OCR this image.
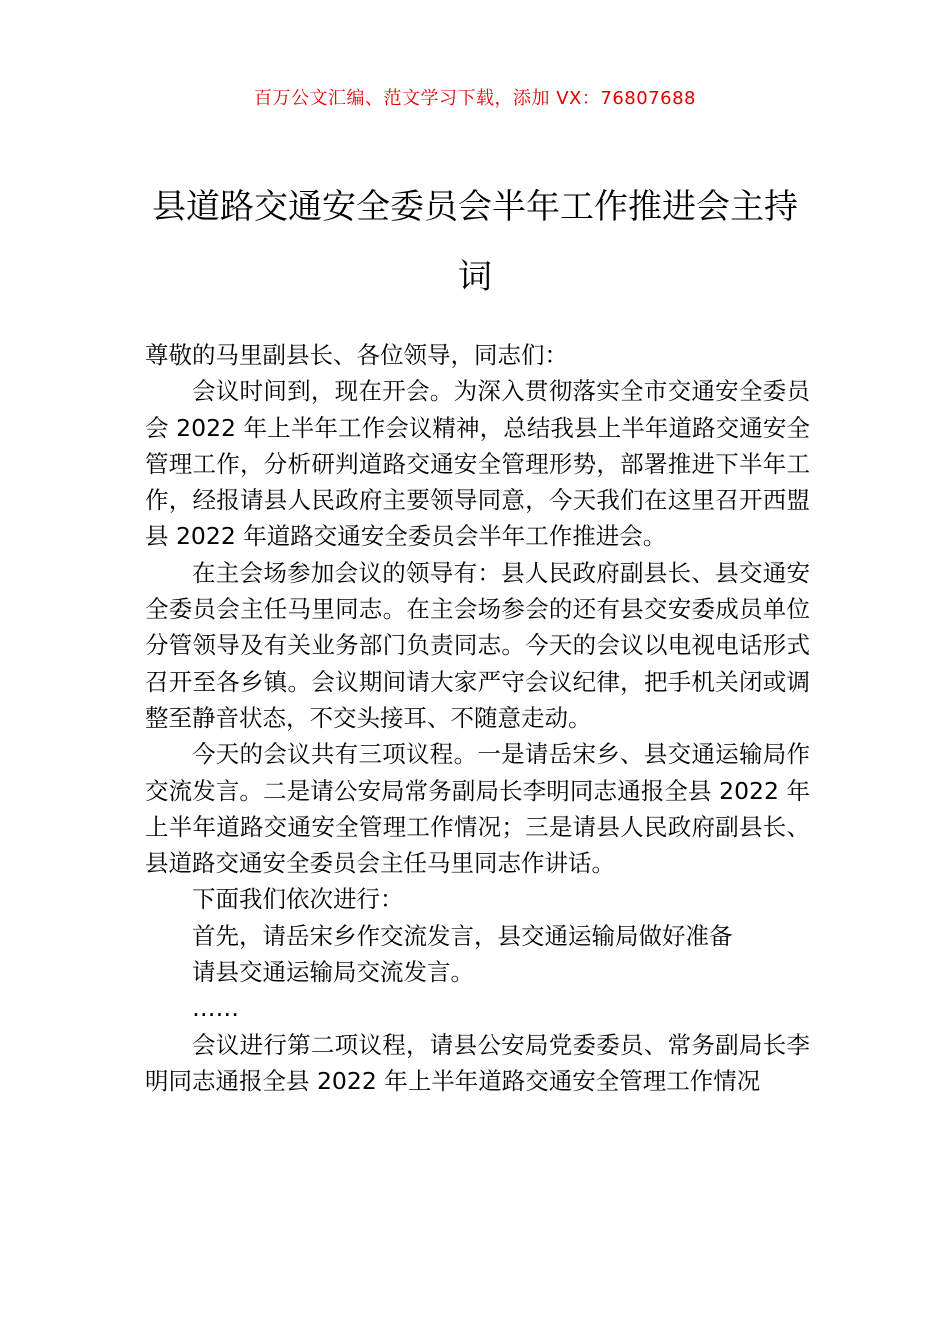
百万公文汇编、范文学习下载，添加 VX：76807688
县道路交通安全委员会半年工作推进会主持词

尊敬的马里副县长、各位领导，同志们：

会议时间到，现在开会。为深入贯彻落实全市交通安全委员会 2022 年上半年工作会议精神，总结我县上半年道路交通安全管理工作，分析研判道路交通安全管理形势，部署推进下半年工作，经报请县人民政府主要领导同意，今天我们在这里召开西盟县 2022 年道路交通安全委员会半年工作推进会。

在主会场参加会议的领导有：县人民政府副县长、县交通安全委员会主任马里同志。在主会场参会的还有县交安委成员单位分管领导及有关业务部门负责同志。今天的会议以电视电话形式召开至各乡镇。会议期间请大家严守会议纪律，把手机关闭或调整至静音状态，不交头接耳、不随意走动。

今天的会议共有三项议程。一是请岳宋乡、县交通运输局作交流发言。二是请公安局常务副局长李明同志通报全县 2022 年上半年道路交通安全管理工作情况；三是请县人民政府副县长、县道路交通安全委员会主任马里同志作讲话。

下面我们依次进行：

首先，请岳宋乡作交流发言，县交通运输局做好准备

请县交通运输局交流发言。

……

会议进行第二项议程，请县公安局党委委员、常务副局长李明同志通报全县 2022 年上半年道路交通安全管理工作情况
